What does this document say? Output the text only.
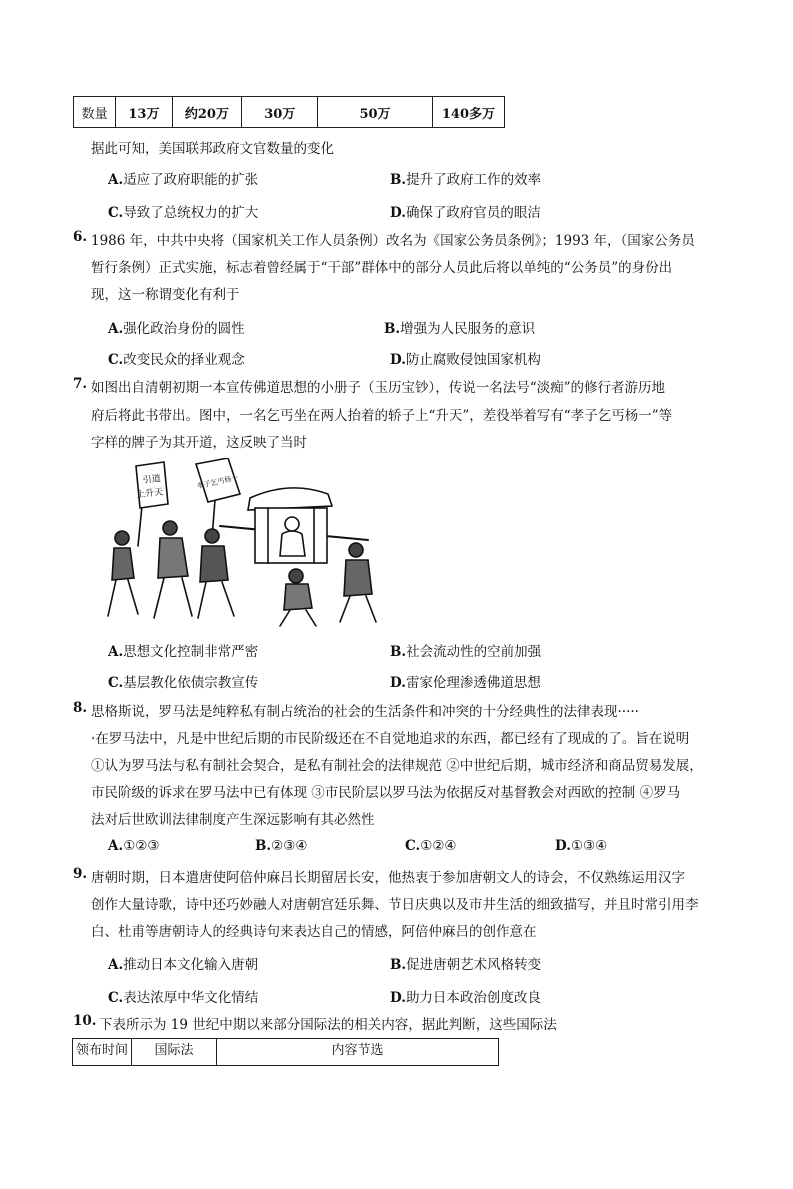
数量	13万	约20万	30万	50万	140多万
据此可知，美国联邦政府文官数量的变化
A.适应了政府职能的扩张	B.提升了政府工作的效率
C.导致了总统权力的扩大	D.确保了政府官员的眼洁
6. 1986 年，中共中央将（国家机关工作人员条例）改名为《国家公务员条例》；1993 年，（国家公务员
暂行条例）正式实施，标志着曾经属于“干部”群体中的部分人员此后将以单纯的“公务员”的身份出
现，这一称谓变化有利于
A.强化政治身份的圆性	B.增强为人民服务的意识
C.改变民众的择业观念	D.防止腐败侵蚀国家机构
7. 如图出自清朝初期一本宣传佛道思想的小册子（玉历宝钞），传说一名法号“淡痴”的修行者游历地
府后将此书带出。图中，一名乞丐坐在两人抬着的轿子上“升天”，差役举着写有“孝子乞丐杨一”等
字样的牌子为其开道，这反映了当时
引道
上升天
孝子乞丐杨一
A.思想文化控制非常严密	B.社会流动性的空前加强
C.基层教化依债宗教宣传	D.雷家伦理渗透佛道思想
8. 思格斯说，罗马法是纯粹私有制占统治的社会的生活条件和冲突的十分经典性的法律表现·····
·在罗马法中，凡是中世纪后期的市民阶级还在不自觉地追求的东西，都已经有了现成的了。旨在说明
①认为罗马法与私有制社会契合，是私有制社会的法律规范 ②中世纪后期，城市经济和商品贸易发展，
市民阶级的诉求在罗马法中已有体现 ③市民阶层以罗马法为依据反对基督教会对西欧的控制 ④罗马
法对后世欧训法律制度产生深远影响有其必然性
A.①②③	B.②③④	C.①②④	D.①③④
9. 唐朝时期，日本遣唐使阿倍仲麻吕长期留居长安，他热衷于参加唐朝文人的诗会，不仅熟练运用汉字
创作大量诗歌，诗中还巧妙融人对唐朝宫廷乐舞、节日庆典以及市井生活的细致描写，并且时常引用李
白、杜甫等唐朝诗人的经典诗句来表达自己的情感，阿倍仲麻吕的创作意在
A.推动日本文化输入唐朝	B.促进唐朝艺术风格转变
C.表达浓厚中华文化情结	D.助力日本政治创度改良
10. 下表所示为 19 世纪中期以来部分国际法的相关内容，据此判断，这些国际法
领布时间	国际法	内容节选
